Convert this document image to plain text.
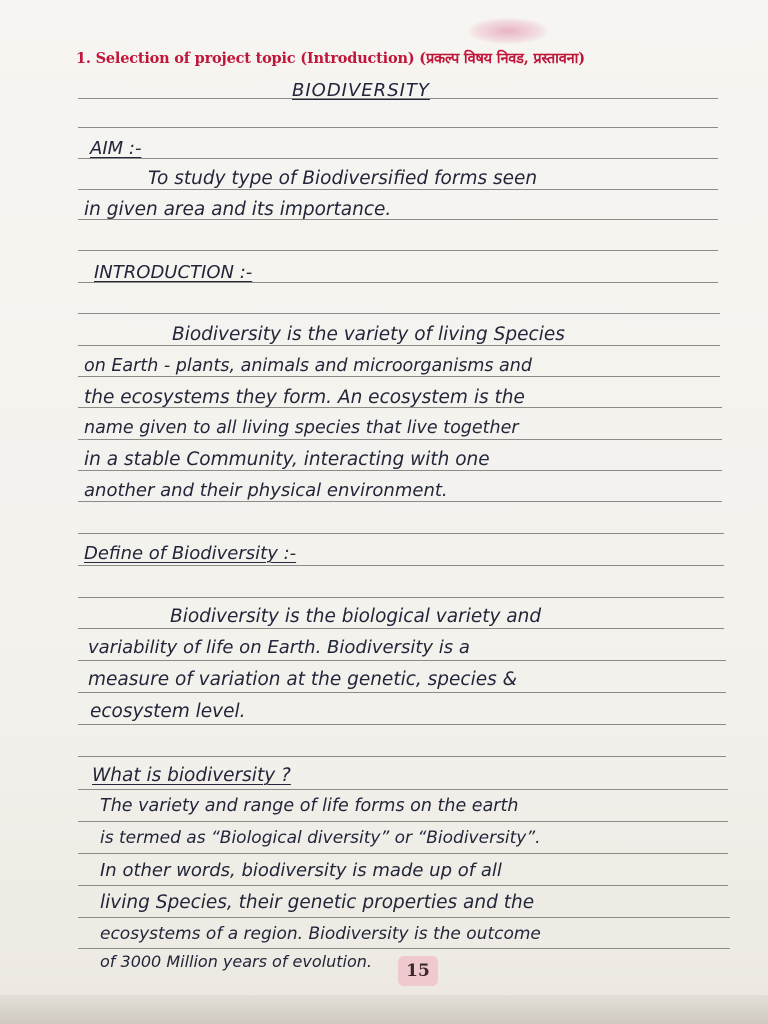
1. Selection of project topic (Introduction) (प्रकल्प विषय निवड, प्रस्तावना)
BIODIVERSITY
AIM :-
To study type of Biodiversified forms seen
in given area and its importance.
INTRODUCTION :-
Biodiversity is the variety of living Species
on Earth - plants, animals and microorganisms and
the ecosystems they form. An ecosystem is the
name given to all living species that live together
in a stable Community, interacting with one
another and their physical environment.
Define of Biodiversity :-
Biodiversity is the biological variety and
variability of life on Earth. Biodiversity is a
measure of variation at the genetic, species &
ecosystem level.
What is biodiversity ?
The variety and range of life forms on the earth
is termed as “Biological diversity” or “Biodiversity”.
In other words, biodiversity is made up of all
living Species, their genetic properties and the
ecosystems of a region. Biodiversity is the outcome
of 3000 Million years of evolution.	15
